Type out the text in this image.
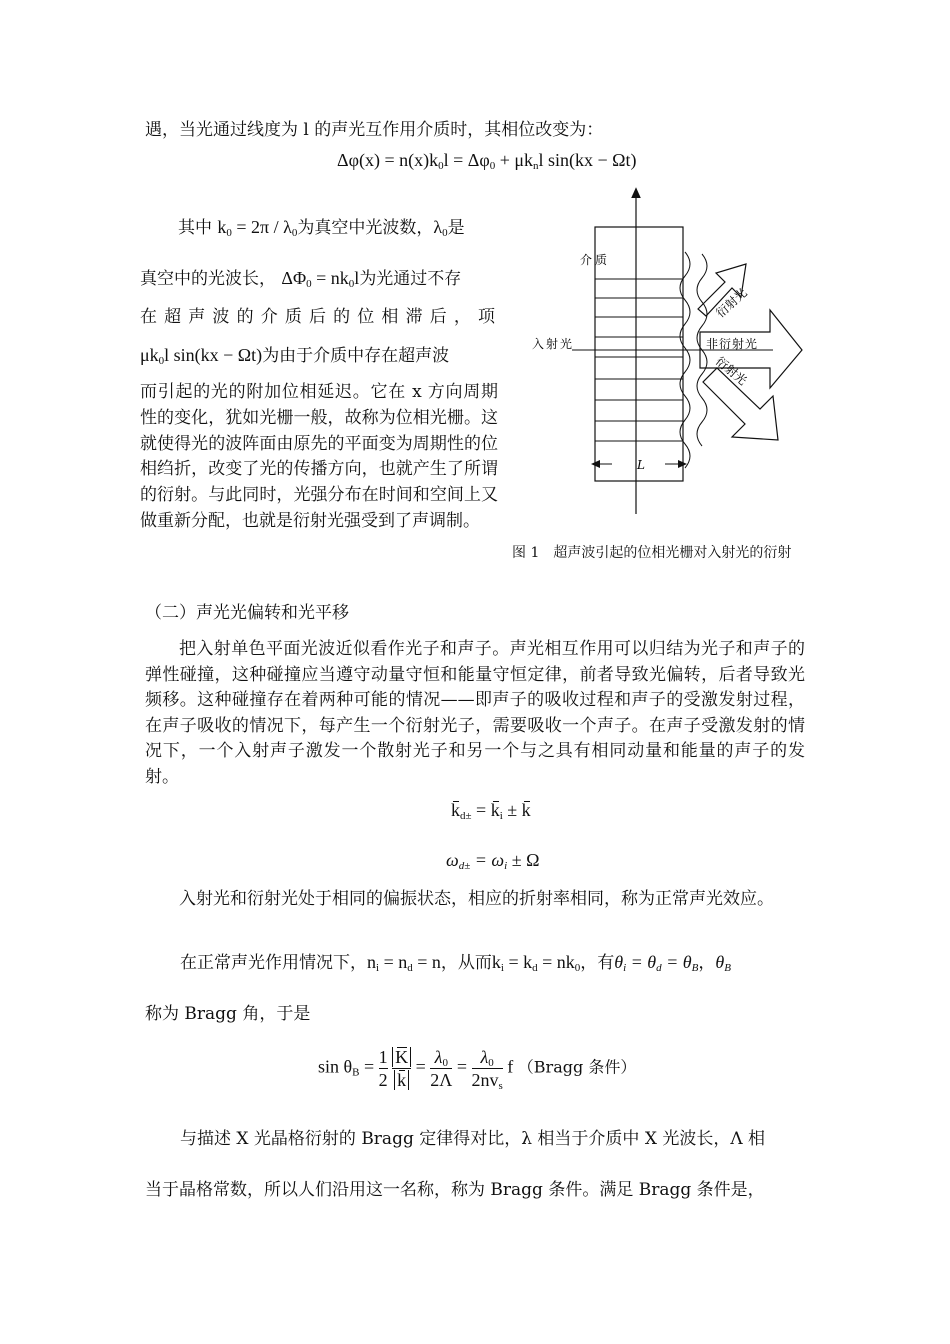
遇，当光通过线度为 l 的声光互作用介质时，其相位改变为：
$\Delta\varphi(x) = n(x)k_0l = \Delta\varphi_0 + \mu k_nl$ sin(kx − Ωt)
其中 $k_0 = 2\pi / \lambda_0$为真空中光波数，$\lambda_0$是
真空中的光波长， $\Delta\Phi_0 = nk_0l$为光通过不存
在超声波的介质后的位相滞后，项
$\mu k_0l$ sin(kx − Ωt)为由于介质中存在超声波
而引起的光的附加位相延迟。它在 x 方向周期性的变化，犹如光栅一般，故称为位相光栅。这就使得光的波阵面由原先的平面变为周期性的位相绉折，改变了光的传播方向，也就产生了所谓的衍射。与此同时，光强分布在时间和空间上又做重新分配，也就是衍射光强受到了声调制。
L
介质
入射光
衍射光
非衍射光
衍射光
图 1　超声波引起的位相光栅对入射光的衍射
（二）声光光偏转和光平移
把入射单色平面光波近似看作光子和声子。声光相互作用可以归结为光子和声子的弹性碰撞，这种碰撞应当遵守动量守恒和能量守恒定律，前者导致光偏转，后者导致光频移。这种碰撞存在着两种可能的情况——即声子的吸收过程和声子的受激发射过程，在声子吸收的情况下，每产生一个衍射光子，需要吸收一个声子。在声子受激发射的情况下，一个入射声子激发一个散射光子和另一个与之具有相同动量和能量的声子的发射。
$k_{d\pm} = k_i \pm k$
$\omega_{d\pm} = \omega_i \pm \Omega$
入射光和衍射光处于相同的偏振状态，相应的折射率相同，称为正常声光效应。
在正常声光作用情况下，$n_i = n_d = n$，从而$k_i = k_d = nk_0$，有$\theta_i = \theta_d = \theta_B$，$\theta_B$
称为 Bragg 角，于是
$\sin \theta_B = \frac{1}{2}$
$\frac{K}{k} = \frac{\lambda_0}{2\Lambda} = \frac{\lambda_0}{2nv_s}$ f （Bragg 条件）
与描述 X 光晶格衍射的 Bragg 定律得对比，λ 相当于介质中 X 光波长，Λ 相
当于晶格常数，所以人们沿用这一名称，称为 Bragg 条件。满足 Bragg 条件是，
